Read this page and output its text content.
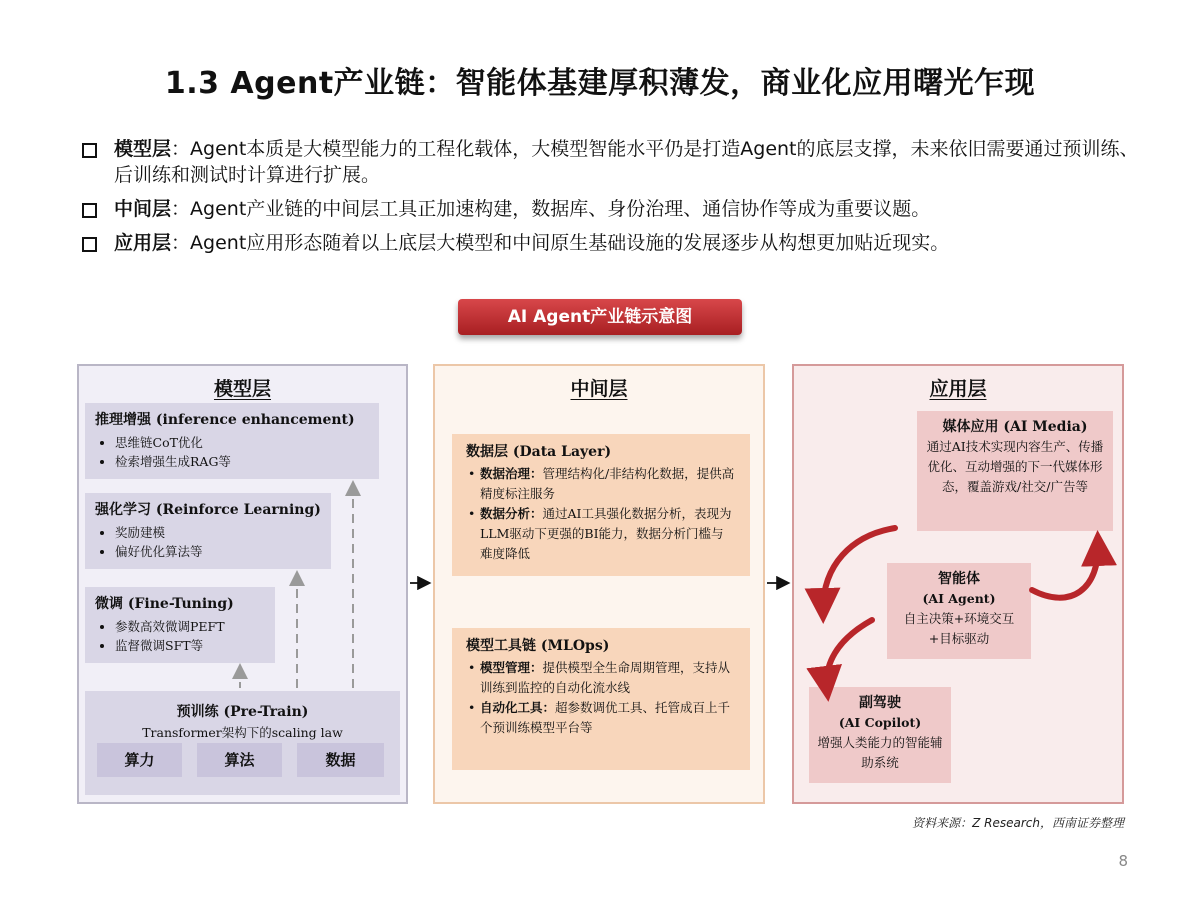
1.3 Agent产业链：智能体基建厚积薄发，商业化应用曙光乍现
模型层：Agent本质是大模型能力的工程化载体，大模型智能水平仍是打造Agent的底层支撑，未来依旧需要通过预训练、后训练和测试时计算进行扩展。
中间层：Agent产业链的中间层工具正加速构建，数据库、身份治理、通信协作等成为重要议题。
应用层：Agent应用形态随着以上底层大模型和中间原生基础设施的发展逐步从构想更加贴近现实。
AI Agent产业链示意图
模型层
推理增强 (inference enhancement)
• 思维链CoT优化
• 检索增强生成RAG等
强化学习 (Reinforce Learning)
• 奖励建模
• 偏好优化算法等
微调 (Fine-Tuning)
• 参数高效微调PEFT
• 监督微调SFT等
预训练 (Pre-Train)
Transformer架构下的scaling law
算力	算法	数据
中间层
数据层 (Data Layer)
• 数据治理：管理结构化/非结构化数据，提供高精度标注服务
• 数据分析：通过AI工具强化数据分析，表现为LLM驱动下更强的BI能力，数据分析门槛与难度降低
模型工具链 (MLOps)
• 模型管理：提供模型全生命周期管理，支持从训练到监控的自动化流水线
• 自动化工具：超参数调优工具、托管成百上千个预训练模型平台等
应用层
媒体应用 (AI Media)
通过AI技术实现内容生产、传播优化、互动增强的下一代媒体形态，覆盖游戏/社交/广告等
智能体
(AI Agent)
自主决策+环境交互+目标驱动
副驾驶
(AI Copilot)
增强人类能力的智能辅助系统
资料来源：Z Research，西南证券整理
8
